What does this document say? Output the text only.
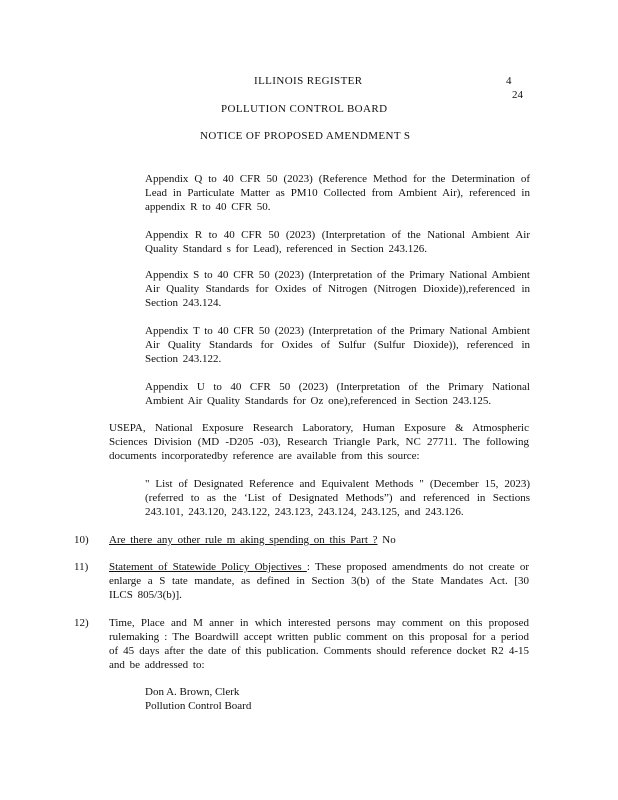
ILLINOIS REGISTER	4
24
POLLUTION CONTROL BOARD
NOTICE OF PROPOSED AMENDMENT S
Appendix Q to 40 CFR 50 (2023) (Reference Method for the Determination of Lead in Particulate Matter as PM10 Collected from Ambient Air), referenced in appendix R to 40 CFR 50.
Appendix R to 40 CFR 50 (2023) (Interpretation of the National Ambient Air Quality Standard s for Lead), referenced in Section 243.126.
Appendix S to 40 CFR 50 (2023) (Interpretation of the Primary National Ambient Air Quality Standards for Oxides of Nitrogen (Nitrogen Dioxide)),referenced in Section 243.124.
Appendix T to 40 CFR 50 (2023) (Interpretation of the Primary National Ambient Air Quality Standards for Oxides of Sulfur (Sulfur Dioxide)), referenced in Section 243.122.
Appendix U to 40 CFR 50 (2023) (Interpretation of the Primary National Ambient Air Quality Standards for Oz one),referenced in Section 243.125.
USEPA, National Exposure Research Laboratory, Human Exposure & Atmospheric Sciences Division (MD -D205 -03), Research Triangle Park, NC 27711. The following documents incorporatedby reference are available from this source:
" List of Designated Reference and Equivalent Methods " (December 15, 2023) (referred to as the ‘List of Designated Methods”) and referenced in Sections 243.101, 243.120, 243.122, 243.123, 243.124, 243.125, and 243.126.
10) Are there any other rule m aking spending on this Part ? No
11) Statement of Statewide Policy Objectives : These proposed amendments do not create or enlarge a S tate mandate, as defined in Section 3(b) of the State Mandates Act. [30 ILCS 805/3(b)].
12) Time, Place and M anner in which interested persons may comment on this proposed rulemaking : The Boardwill accept written public comment on this proposal for a period of 45 days after the date of this publication. Comments should reference docket R2 4-15 and be addressed to:
Don A. Brown, Clerk
Pollution Control Board
